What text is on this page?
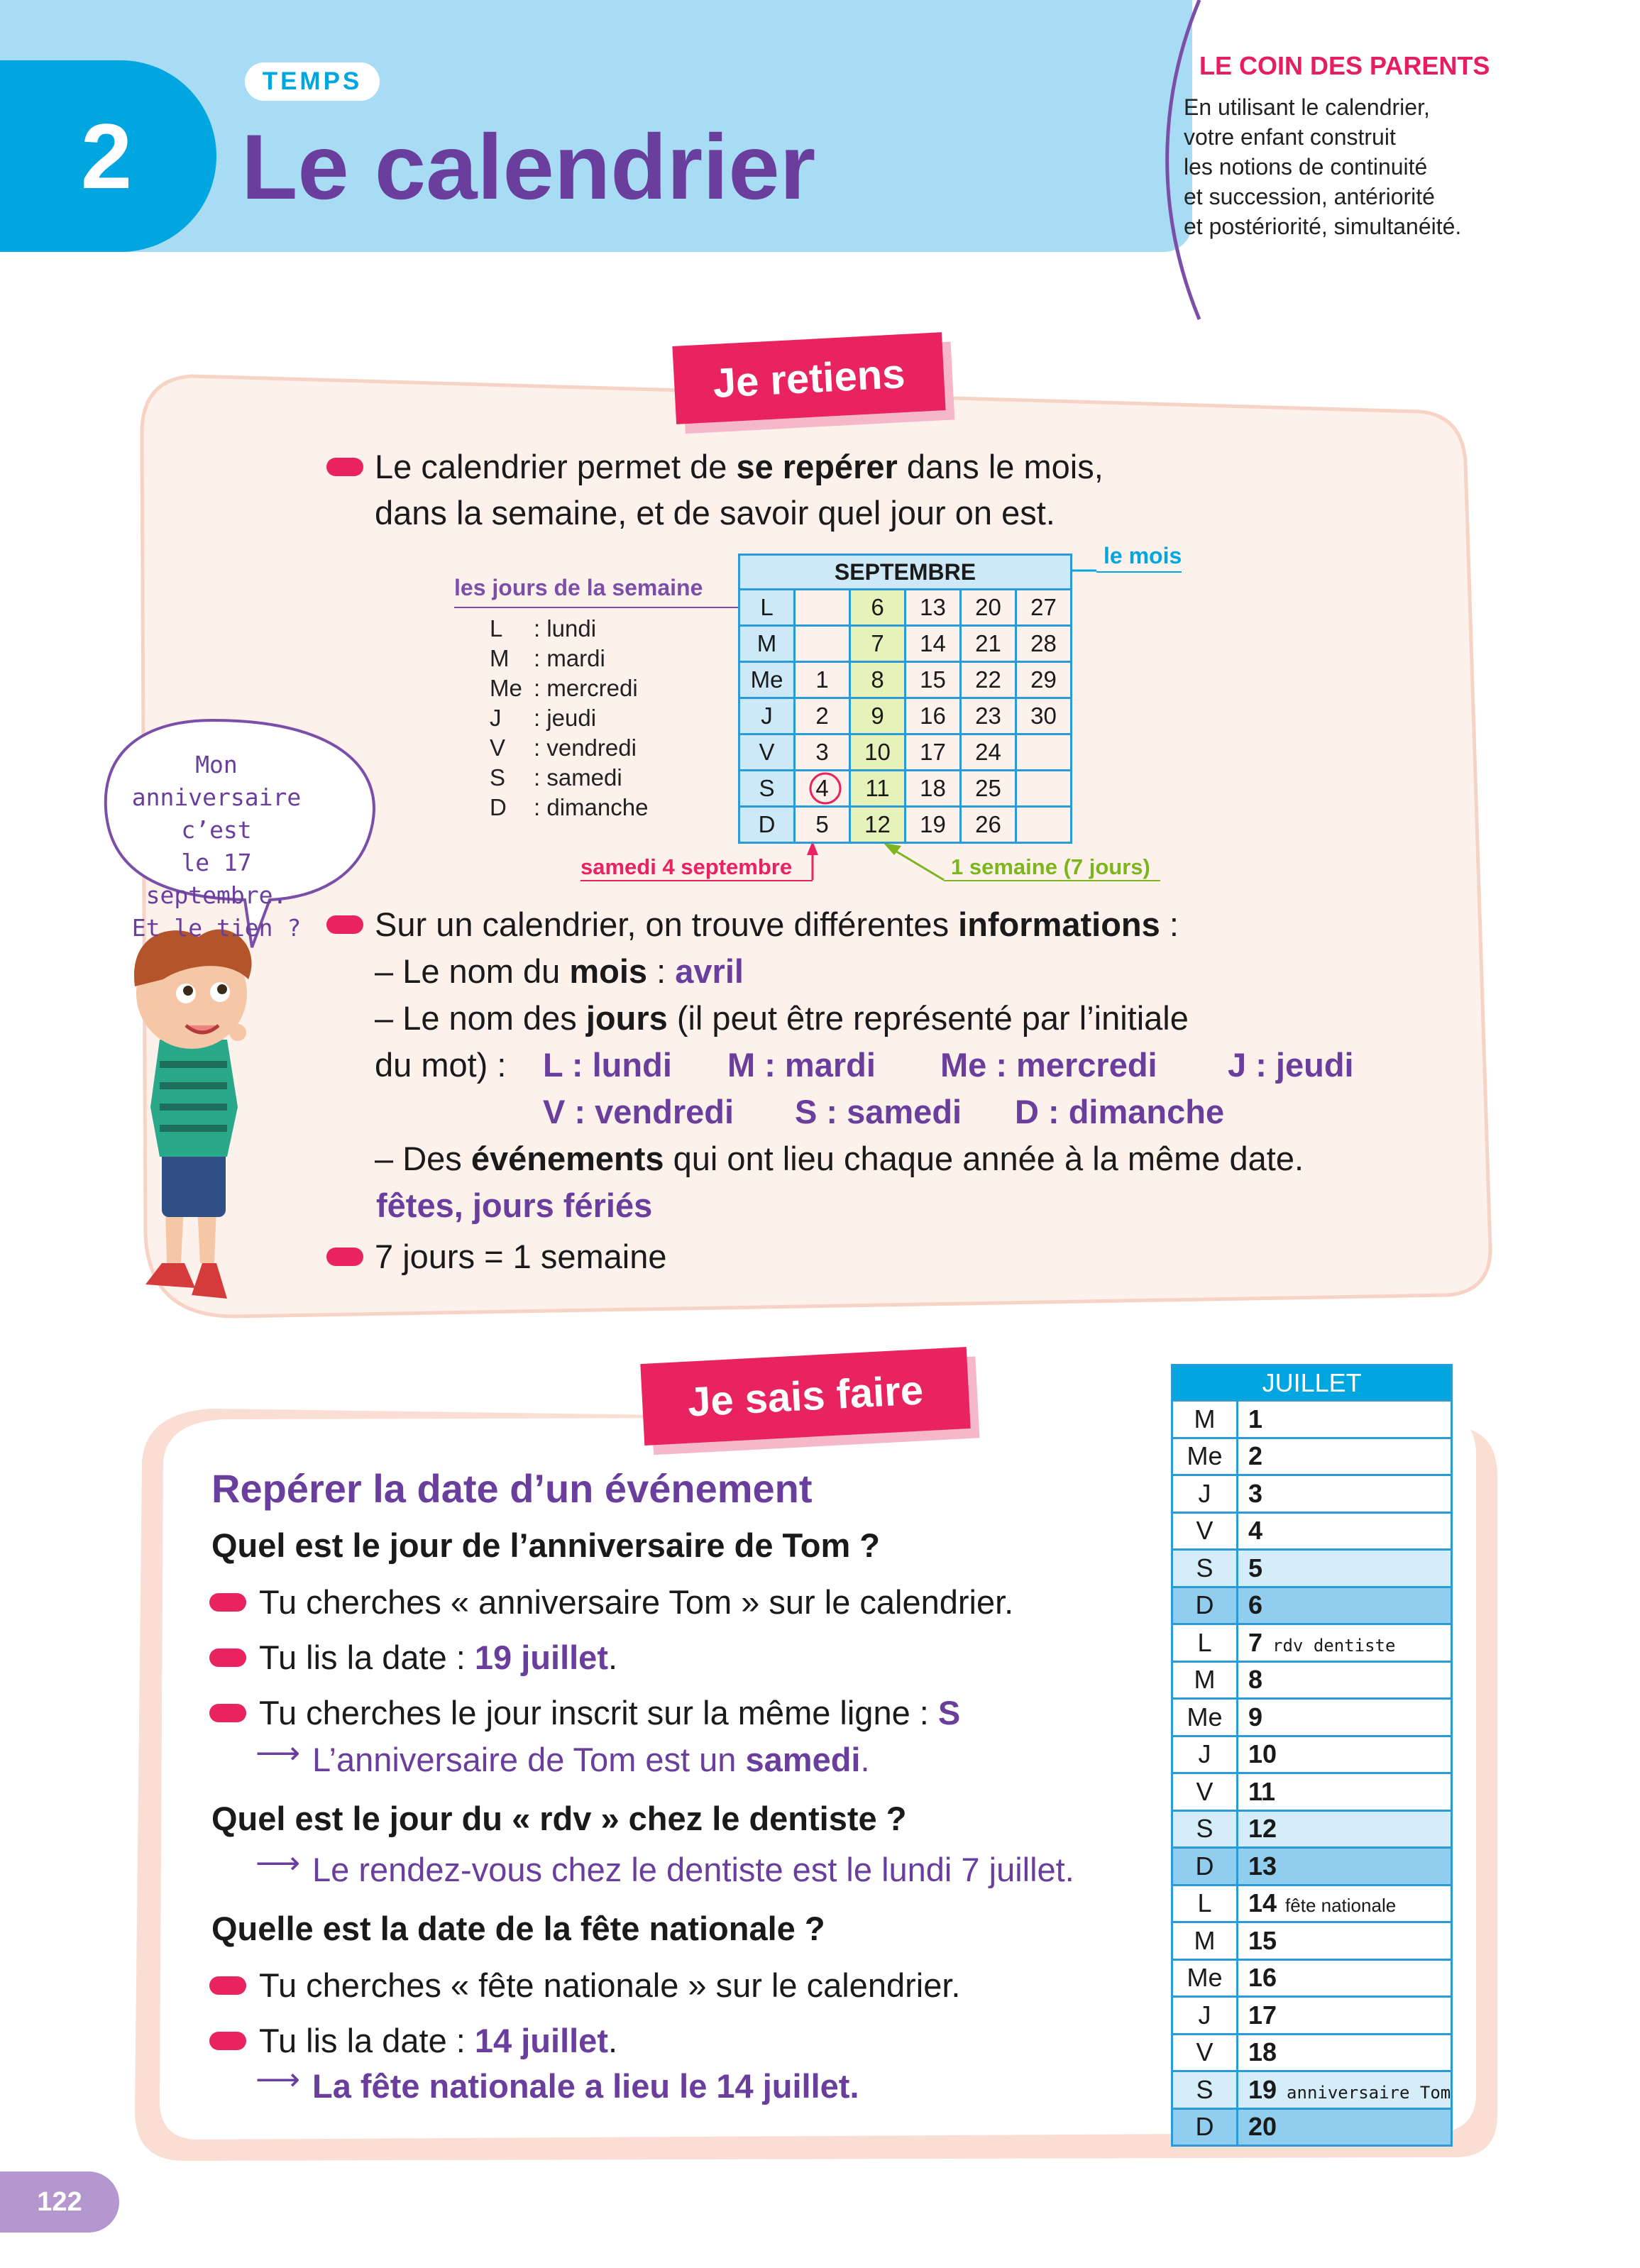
2
TEMPS
Le calendrier
LE COIN DES PARENTS
En utilisant le calendrier,
votre enfant construit
les notions de continuité
et succession, antériorité
et postériorité, simultanéité.
Je retiens
Le calendrier permet de se repérer dans le mois,
dans la semaine, et de savoir quel jour on est.
le mois
les jours de la semaine
L	: lundi
M	: mardi
Me : mercredi
J	: jeudi
V	: vendredi
S	: samedi
D	: dimanche
SEPTEMBRE					
L		6	13	20	27
M		7	14	21	28
Me	1	8	15	22	29
J	2	9	16	23	30
V	3	10	17	24	
S	4	11	18	25	
D	5	12	19	26	
samedi 4 septembre	1 semaine (7 jours)
Mon anniversaire
c’est
le 17 septembre.
Et le tien ?	Sur un calendrier, on trouve différentes informations :
– Le nom du mois : avril
– Le nom des jours (il peut être représenté par l’initiale
du mot) : L : lundi M : mardi Me : mercredi J : jeudi
V : vendredi S : samedi D : dimanche
– Des événements qui ont lieu chaque année à la même date.
fêtes, jours fériés
7 jours = 1 semaine
Je sais faire
Repérer la date d’un événement
Quel est le jour de l’anniversaire de Tom ?
Tu cherches « anniversaire Tom » sur le calendrier.
Tu lis la date : 19 juillet.
Tu cherches le jour inscrit sur la même ligne : S
⟶ L’anniversaire de Tom est un samedi.
Quel est le jour du « rdv » chez le dentiste ?
⟶ Le rendez-vous chez le dentiste est le lundi 7 juillet.
Quelle est la date de la fête nationale ?
Tu cherches « fête nationale » sur le calendrier.
Tu lis la date : 14 juillet.
⟶ La fête nationale a lieu le 14 juillet.
JUILLET	
M	1
Me	2
J	3
V	4
S	5
D	6
L	7 rdv dentiste
M	8
Me	9
J	10
V	11
S	12
D	13
L	14 fête nationale
M	15
Me	16
J	17
V	18
S	19 anniversaire Tom
D	20
122
